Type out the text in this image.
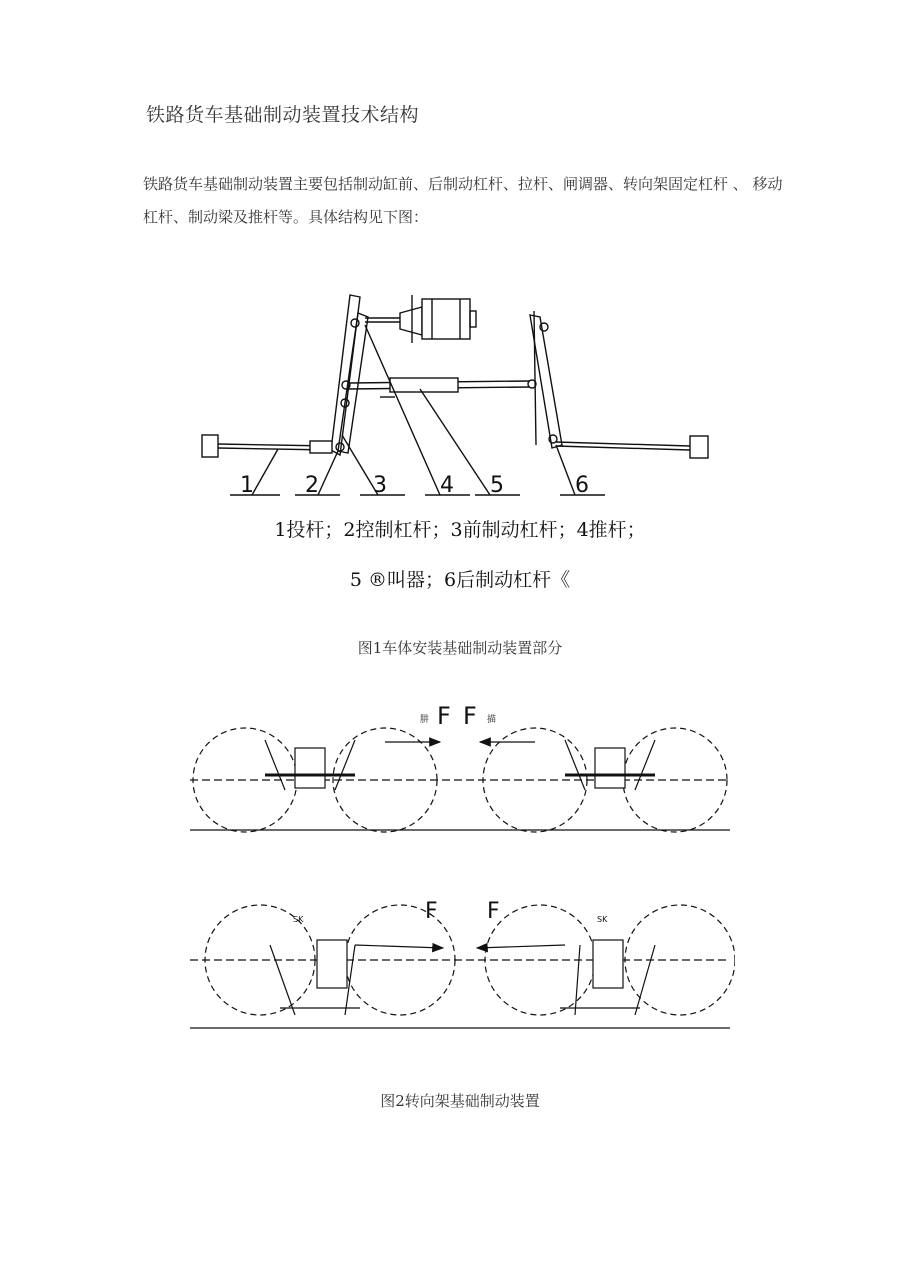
铁路货车基础制动装置技术结构
铁路货车基础制动装置主要包括制动缸前、后制动杠杆、拉杆、闸调器、转向架固定杠杆 、 移动杠杆、制动梁及推杆等。具体结构见下图：
1 2 3 4 5	6
1投杆；2控制杠杆；3前制动杠杆；4推杆；
5 ®叫器；6后制动杠杆《
图1车体安装基础制动装置部分
肼 F F 描
SK	F F	SK
图2转向架基础制动装置
